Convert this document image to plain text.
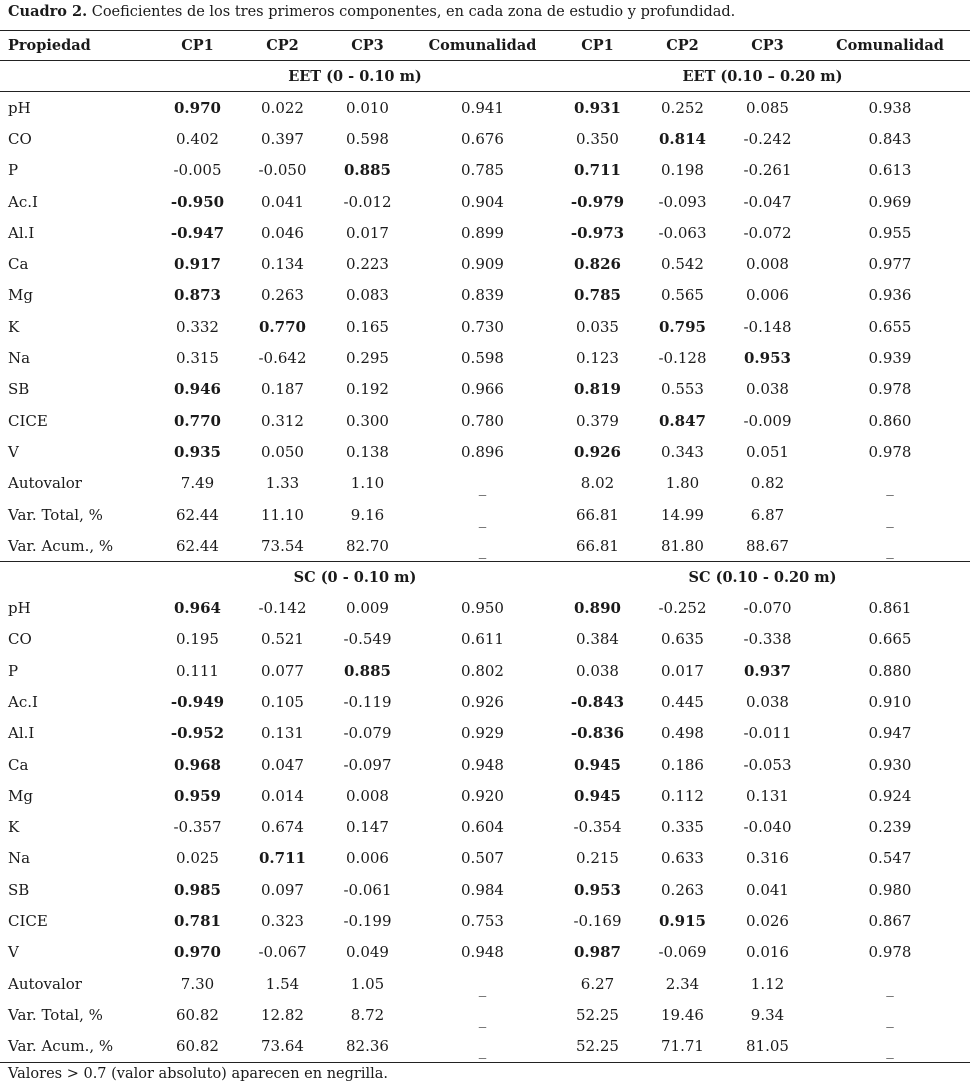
Cuadro 2. Coeficientes de los tres primeros componentes, en cada zona de estudio y profundidad.
Propiedad	CP1	CP2	CP3	Comunalidad	CP1	CP2	CP3	Comunalidad
	EET (0 - 0.10 m)				EET (0.10 – 0.20 m)			
pH	0.970	0.022	0.010	0.941	0.931	0.252	0.085	0.938
CO	0.402	0.397	0.598	0.676	0.350	0.814	-0.242	0.843
P	-0.005	-0.050	0.885	0.785	0.711	0.198	-0.261	0.613
Ac.I	-0.950	0.041	-0.012	0.904	-0.979	-0.093	-0.047	0.969
Al.I	-0.947	0.046	0.017	0.899	-0.973	-0.063	-0.072	0.955
Ca	0.917	0.134	0.223	0.909	0.826	0.542	0.008	0.977
Mg	0.873	0.263	0.083	0.839	0.785	0.565	0.006	0.936
K	0.332	0.770	0.165	0.730	0.035	0.795	-0.148	0.655
Na	0.315	-0.642	0.295	0.598	0.123	-0.128	0.953	0.939
SB	0.946	0.187	0.192	0.966	0.819	0.553	0.038	0.978
CICE	0.770	0.312	0.300	0.780	0.379	0.847	-0.009	0.860
V	0.935	0.050	0.138	0.896	0.926	0.343	0.051	0.978
Autovalor	7.49	1.33	1.10	_	8.02	1.80	0.82	_
Var. Total, %	62.44	11.10	9.16	_	66.81	14.99	6.87	_
Var. Acum., %	62.44	73.54	82.70	_	66.81	81.80	88.67	_
	SC (0 - 0.10 m)				SC (0.10 - 0.20 m)			
pH	0.964	-0.142	0.009	0.950	0.890	-0.252	-0.070	0.861
CO	0.195	0.521	-0.549	0.611	0.384	0.635	-0.338	0.665
P	0.111	0.077	0.885	0.802	0.038	0.017	0.937	0.880
Ac.I	-0.949	0.105	-0.119	0.926	-0.843	0.445	0.038	0.910
Al.I	-0.952	0.131	-0.079	0.929	-0.836	0.498	-0.011	0.947
Ca	0.968	0.047	-0.097	0.948	0.945	0.186	-0.053	0.930
Mg	0.959	0.014	0.008	0.920	0.945	0.112	0.131	0.924
K	-0.357	0.674	0.147	0.604	-0.354	0.335	-0.040	0.239
Na	0.025	0.711	0.006	0.507	0.215	0.633	0.316	0.547
SB	0.985	0.097	-0.061	0.984	0.953	0.263	0.041	0.980
CICE	0.781	0.323	-0.199	0.753	-0.169	0.915	0.026	0.867
V	0.970	-0.067	0.049	0.948	0.987	-0.069	0.016	0.978
Autovalor	7.30	1.54	1.05	_	6.27	2.34	1.12	_
Var. Total, %	60.82	12.82	8.72	_	52.25	19.46	9.34	_
Var. Acum., %	60.82	73.64	82.36	_	52.25	71.71	81.05	_
Valores > 0.7 (valor absoluto) aparecen en negrilla.
